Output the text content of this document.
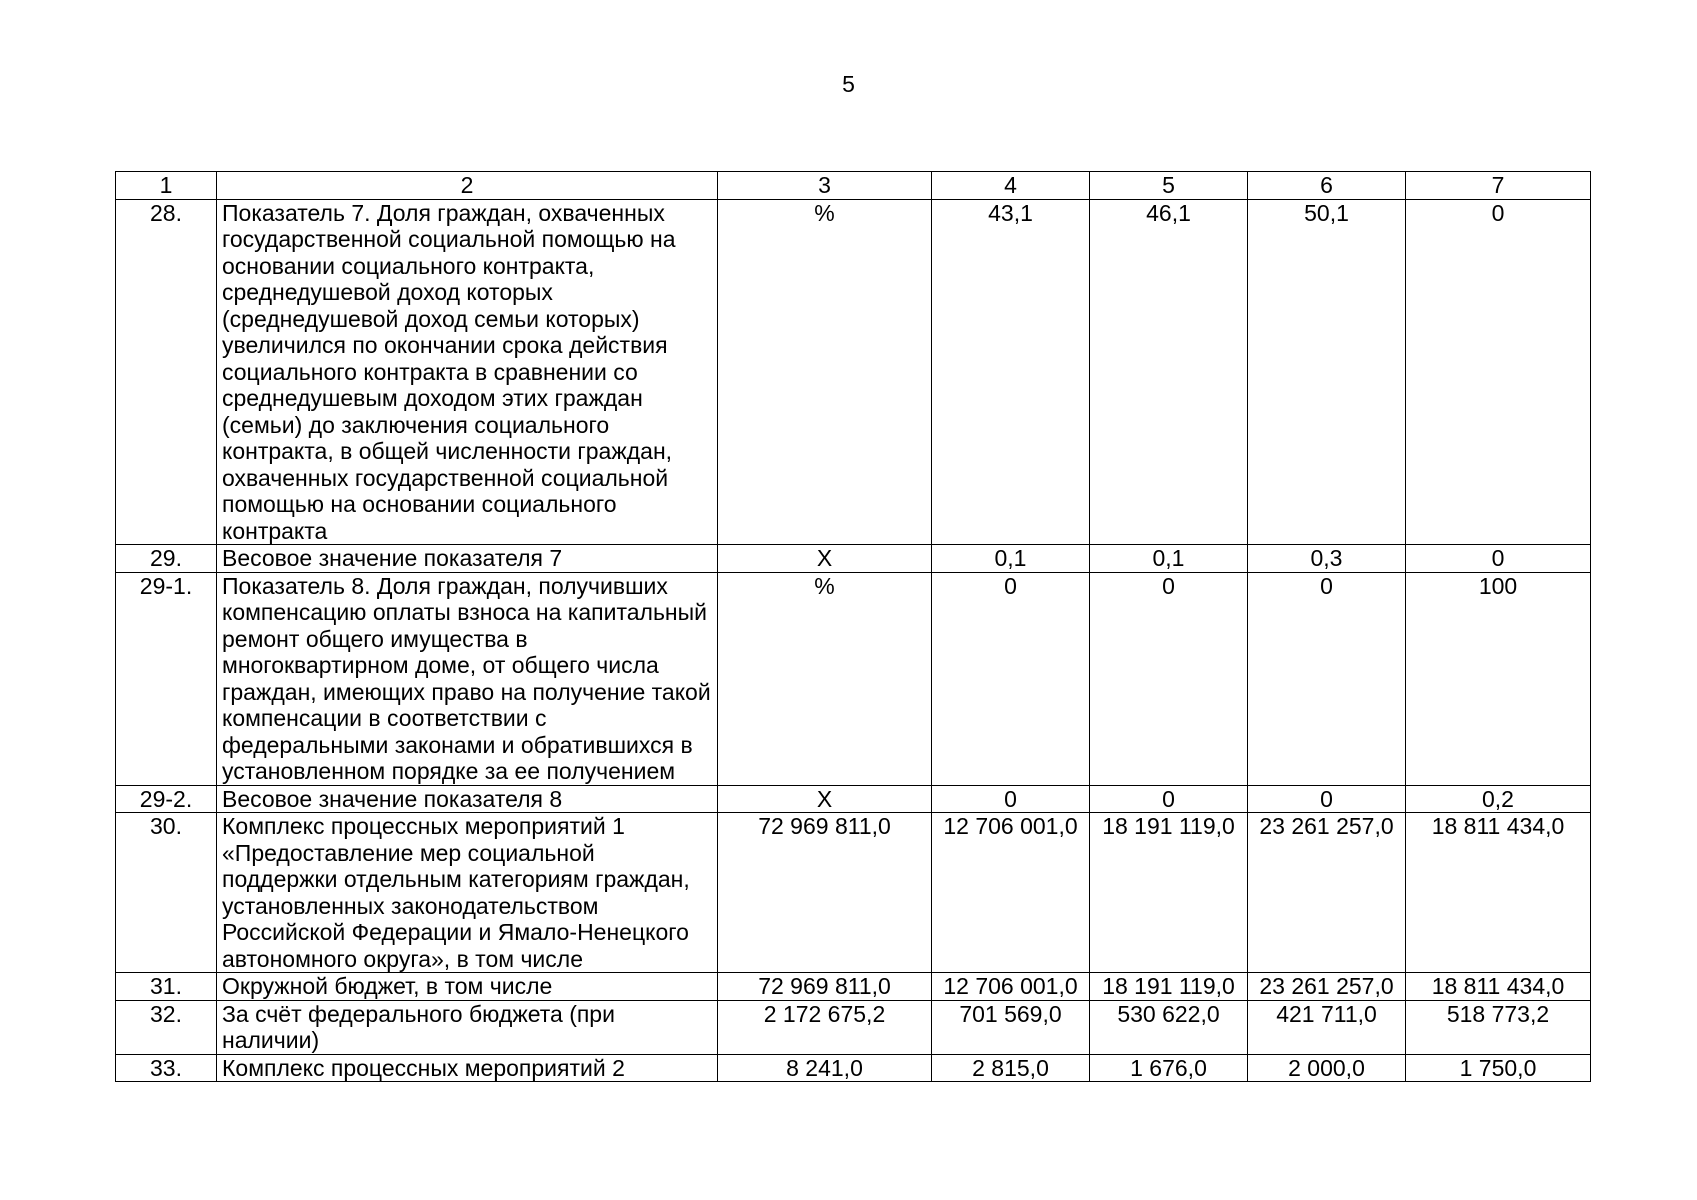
5
1	2	3	4	5	6	7
28.	Показатель 7. Доля граждан, охваченных государственной социальной помощью на основании социального контракта, среднедушевой доход которых (среднедушевой доход семьи которых) увеличился по окончании срока действия социального контракта в сравнении со среднедушевым доходом этих граждан (семьи) до заключения социального контракта, в общей численности граждан, охваченных государственной социальной помощью на основании социального контракта	%	43,1	46,1	50,1	0
29.	Весовое значение показателя 7	Х	0,1	0,1	0,3	0
29-1.	Показатель 8. Доля граждан, получивших компенсацию оплаты взноса на капитальный ремонт общего имущества в многоквартирном доме, от общего числа граждан, имеющих право на получение такой компенсации в соответствии с федеральными законами и обратившихся в установленном порядке за ее получением	%	0	0	0	100
29-2.	Весовое значение показателя 8	Х	0	0	0	0,2
30.	Комплекс процессных мероприятий 1 «Предоставление мер социальной поддержки отдельным категориям граждан, установленных законодательством Российской Федерации и Ямало-Ненецкого автономного округа», в том числе	72 969 811,0	12 706 001,0	18 191 119,0	23 261 257,0	18 811 434,0
31.	Окружной бюджет, в том числе	72 969 811,0	12 706 001,0	18 191 119,0	23 261 257,0	18 811 434,0
32.	За счёт федерального бюджета (при наличии)	2 172 675,2	701 569,0	530 622,0	421 711,0	518 773,2
33.	Комплекс процессных мероприятий 2	8 241,0	2 815,0	1 676,0	2 000,0	1 750,0
